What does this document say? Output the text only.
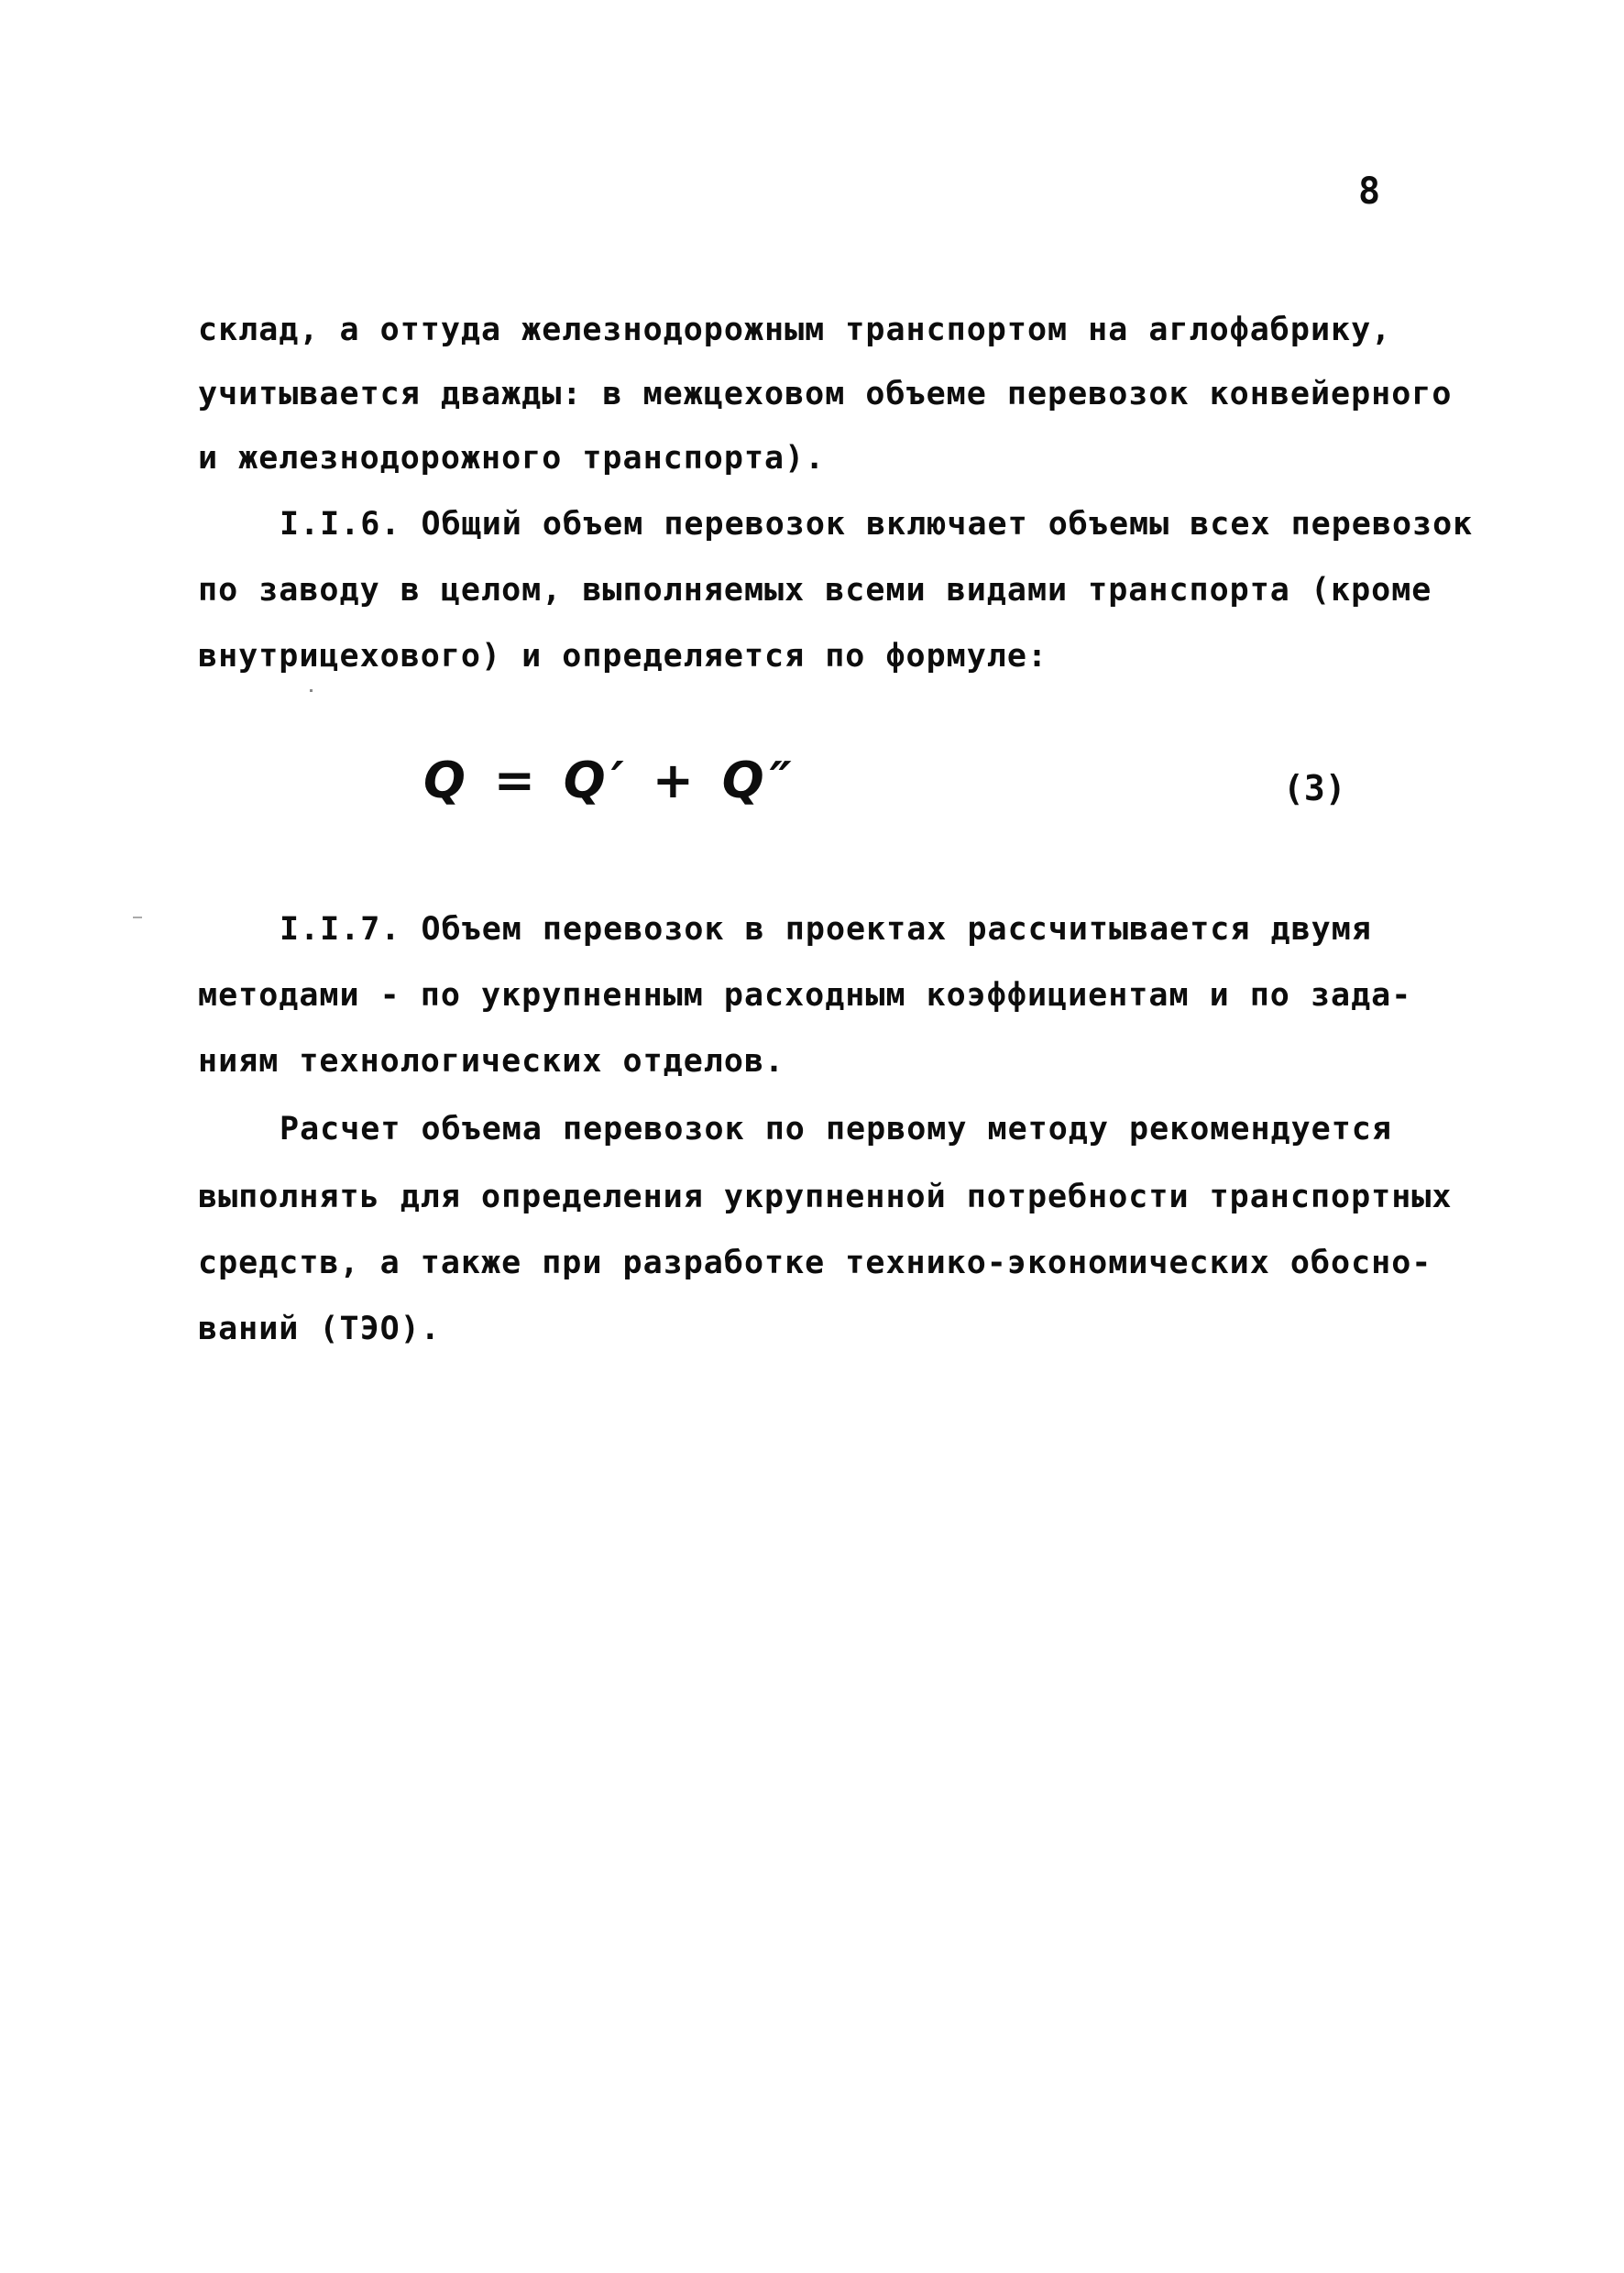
8
склад, а оттуда железнодорожным транспортом на аглофабрику,
учитывается дважды: в межцеховом объеме перевозок конвейерного
и железнодорожного транспорта).
I.I.6. Общий объем перевозок включает объемы всех перевозок
по заводу в целом, выполняемых всеми видами транспорта (кроме
внутрицехового) и определяется по формуле:
Q = Q′ + Q″	(3)
I.I.7. Объем перевозок в проектах рассчитывается двумя
методами - по укрупненным расходным коэффициентам и по зада-
ниям технологических отделов.
Расчет объема перевозок по первому методу рекомендуется
выполнять для определения укрупненной потребности транспортных
средств, а также при разработке технико-экономических обосно-
ваний (ТЭО).
